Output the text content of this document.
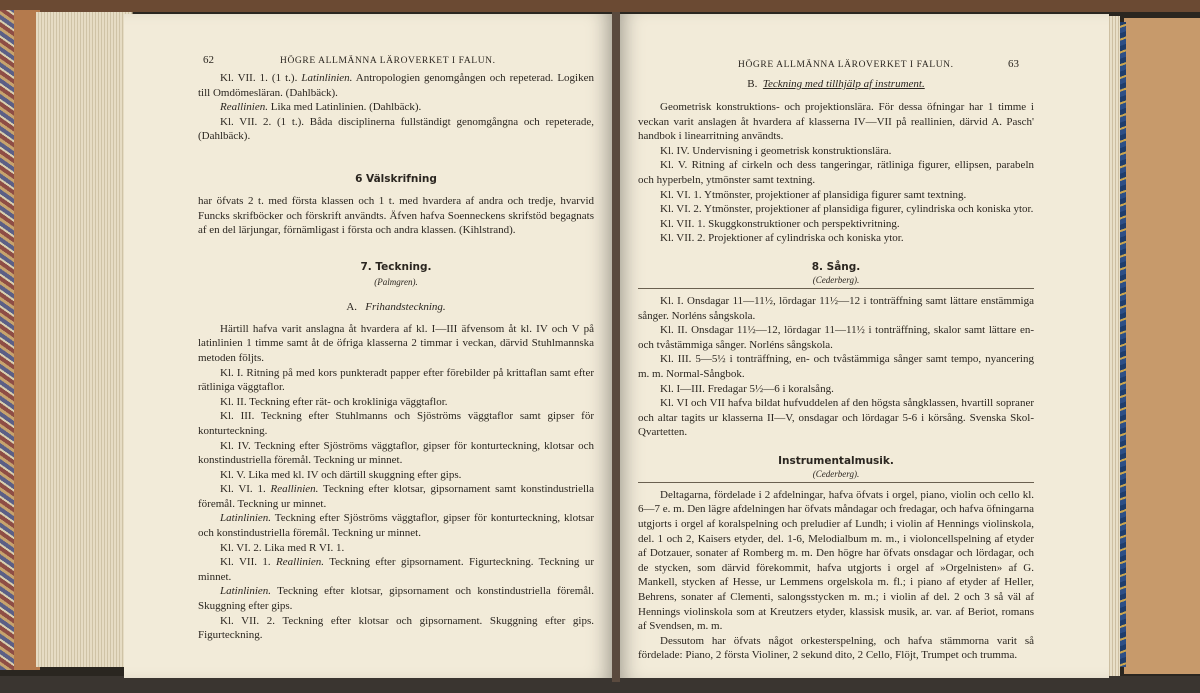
62	HÖGRE ALLMÄNNA LÄROVERKET I FALUN.

Kl. VII. 1. (1 t.). Latinlinien. Antropologien genomgången och repeterad. Logiken till Omdömesläran. (Dahlbäck).

Reallinien. Lika med Latinlinien. (Dahlbäck).

Kl. VII. 2. (1 t.). Båda disciplinerna fullständigt genomgångna och repeterade, (Dahlbäck).

6 Välskrifning

har öfvats 2 t. med första klassen och 1 t. med hvardera af andra och tredje, hvarvid Funcks skrifböcker och förskrift användts. Äfven hafva Soenneckens skrifstöd begagnats af en del lärjungar, förnämligast i första och andra klassen. (Kihlstrand).

7. Teckning.
(Palmgren).
A. Frihandsteckning.

Härtill hafva varit anslagna åt hvardera af kl. I—III äfvensom åt kl. IV och V på latinlinien 1 timme samt åt de öfriga klasserna 2 timmar i veckan, därvid Stuhlmannska metoden följts.

Kl. I. Ritning på med kors punkteradt papper efter förebilder på krittaflan samt efter rätliniga väggtaflor.

Kl. II. Teckning efter rät- och krokliniga väggtaflor.

Kl. III. Teckning efter Stuhlmanns och Sjöströms väggtaflor samt gipser för konturteckning.

Kl. IV. Teckning efter Sjöströms väggtaflor, gipser för konturteckning, klotsar och konstindustriella föremål. Teckning ur minnet.

Kl. V. Lika med kl. IV och därtill skuggning efter gips.

Kl. VI. 1. Reallinien. Teckning efter klotsar, gipsornament samt konstindustriella föremål. Teckning ur minnet.

Latinlinien. Teckning efter Sjöströms väggtaflor, gipser för konturteckning, klotsar och konstindustriella föremål. Teckning ur minnet.

Kl. VI. 2. Lika med R VI. 1.

Kl. VII. 1. Reallinien. Teckning efter gipsornament. Figurteckning. Teckning ur minnet.

Latinlinien. Teckning efter klotsar, gipsornament och konstindustriella föremål. Skuggning efter gips.

Kl. VII. 2. Teckning efter klotsar och gipsornament. Skuggning efter gips. Figurteckning.

HÖGRE ALLMÄNNA LÄROVERKET I FALUN.	63
B. Teckning med tillhjälp af instrument.

Geometrisk konstruktions- och projektionslära. För dessa öfningar har 1 timme i veckan varit anslagen åt hvardera af klasserna IV—VII på reallinien, därvid A. Pasch' handbok i linearritning användts.

Kl. IV. Undervisning i geometrisk konstruktionslära.

Kl. V. Ritning af cirkeln och dess tangeringar, rätliniga figurer, ellipsen, parabeln och hyperbeln, ytmönster samt textning.

Kl. VI. 1. Ytmönster, projektioner af plansidiga figurer samt textning.

Kl. VI. 2. Ytmönster, projektioner af plansidiga figurer, cylindriska och koniska ytor.

Kl. VII. 1. Skuggkonstruktioner och perspektivritning.

Kl. VII. 2. Projektioner af cylindriska och koniska ytor.

8. Sång.
(Cederberg).

Kl. I. Onsdagar 11—11½, lördagar 11½—12 i tonträffning samt lättare enstämmiga sånger. Norléns sångskola.

Kl. II. Onsdagar 11½—12, lördagar 11—11½ i tonträffning, skalor samt lättare en- och tvåstämmiga sånger. Norléns sångskola.

Kl. III. 5—5½ i tonträffning, en- och tvåstämmiga sånger samt tempo, nyancering m. m. Normal-Sångbok.

Kl. I—III. Fredagar 5½—6 i koralsång.

Kl. VI och VII hafva bildat hufvuddelen af den högsta sångklassen, hvartill sopraner och altar tagits ur klasserna II—V, onsdagar och lördagar 5-6 i körsång. Svenska Skol-Qvartetten.

Instrumentalmusik.
(Cederberg).

Deltagarna, fördelade i 2 afdelningar, hafva öfvats i orgel, piano, violin och cello kl. 6—7 e. m. Den lägre afdelningen har öfvats måndagar och fredagar, och hafva öfningarna utgjorts i orgel af koralspelning och preludier af Lundh; i violin af Hennings violinskola, del. 1 och 2, Kaisers etyder, del. 1-6, Melodialbum m. m., i violoncellspelning af etyder af Dotzauer, sonater af Romberg m. m. Den högre har öfvats onsdagar och lördagar, och de stycken, som därvid förekommit, hafva utgjorts i orgel af »Orgelnisten» af G. Mankell, stycken af Hesse, ur Lemmens orgelskola m. fl.; i piano af etyder af Heller, Behrens, sonater af Clementi, salongsstycken m. m.; i violin af del. 2 och 3 så väl af Hennings violinskola som at Kreutzers etyder, klassisk musik, ar. var. af Beriot, romans af Svendsen, m. m.

Dessutom har öfvats något orkesterspelning, och hafva stämmorna varit så fördelade: Piano, 2 första Violiner, 2 sekund dito, 2 Cello, Flöjt, Trumpet och trumma.
